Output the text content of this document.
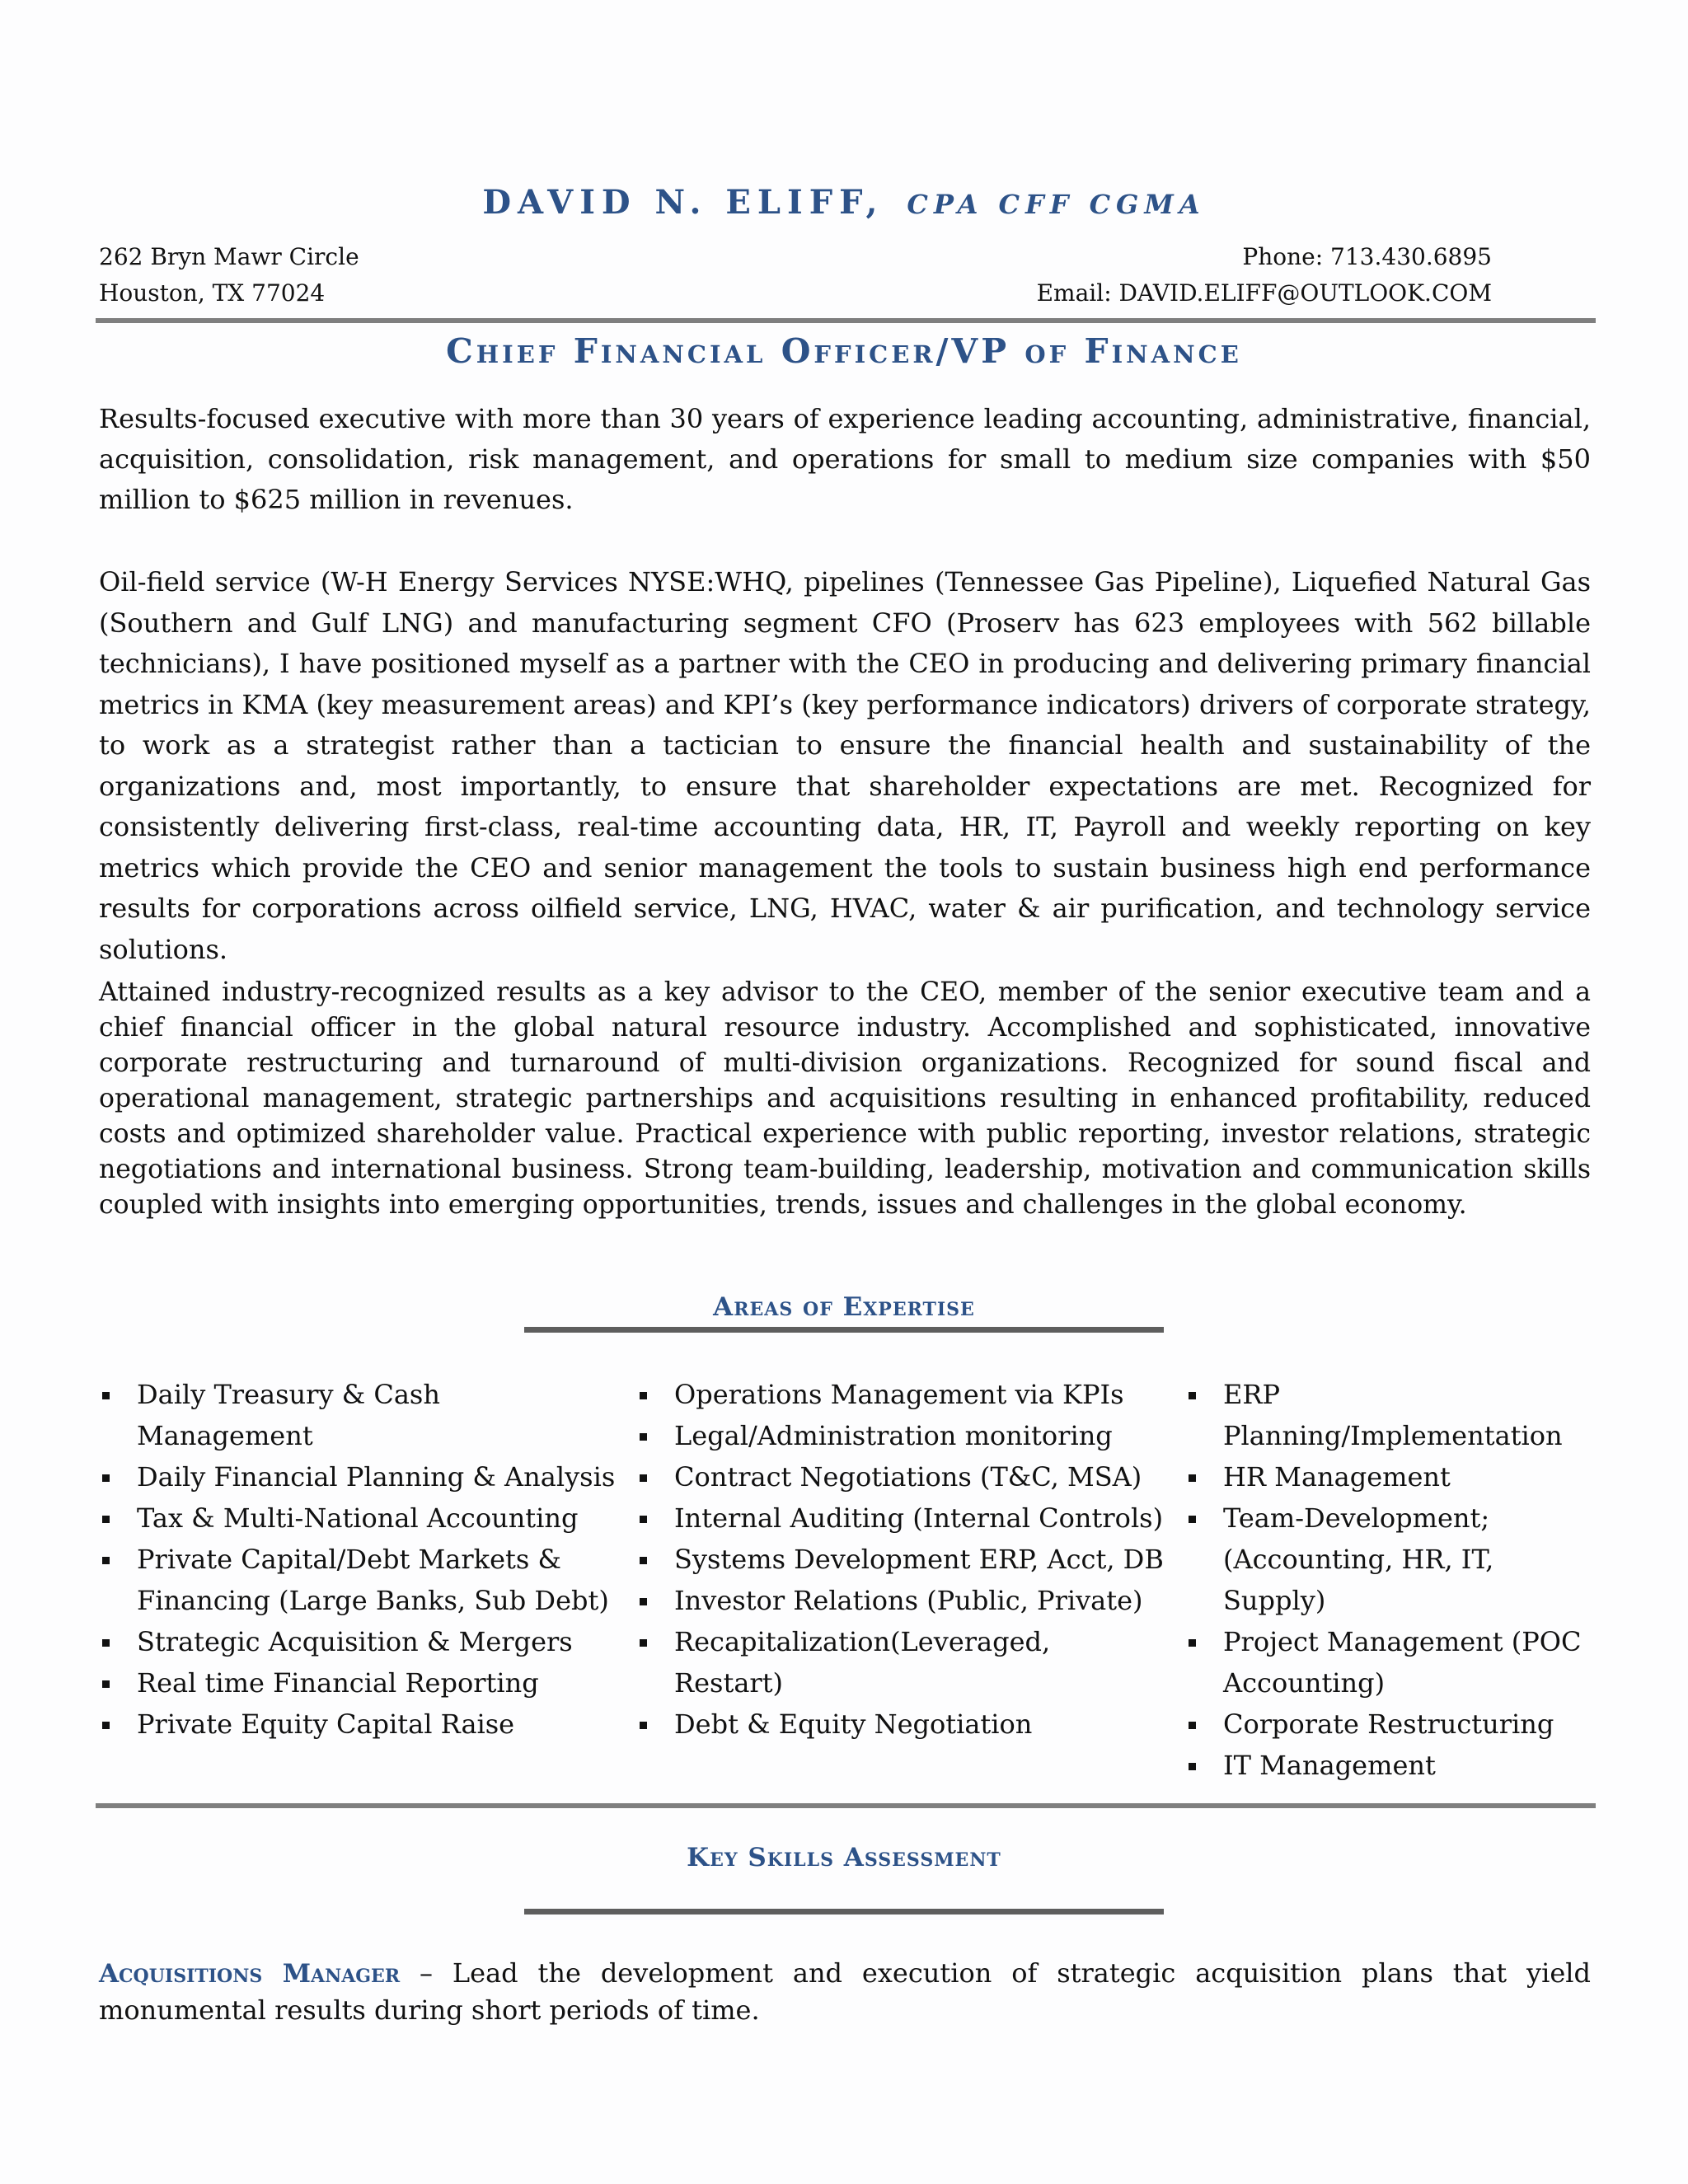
DAVID N. ELIFF, CPA CFF CGMA
262 Bryn Mawr Circle
Houston, TX 77024
Phone: 713.430.6895
Email: DAVID.ELIFF@OUTLOOK.COM
Chief Financial Officer/VP of Finance
Results-focused executive with more than 30 years of experience leading accounting, administrative, financial, acquisition, consolidation, risk management, and operations for small to medium size companies with $50 million to $625 million in revenues.
Oil-field service (W-H Energy Services NYSE:WHQ, pipelines (Tennessee Gas Pipeline), Liquefied Natural Gas (Southern and Gulf LNG) and manufacturing segment CFO (Proserv has 623 employees with 562 billable technicians), I have positioned myself as a partner with the CEO in producing and delivering primary financial metrics in KMA (key measurement areas) and KPI’s (key performance indicators) drivers of corporate strategy, to work as a strategist rather than a tactician to ensure the financial health and sustainability of the organizations and, most importantly, to ensure that shareholder expectations are met. Recognized for consistently delivering first-class, real-time accounting data, HR, IT, Payroll and weekly reporting on key metrics which provide the CEO and senior management the tools to sustain business high end performance results for corporations across oilfield service, LNG, HVAC, water & air purification, and technology service solutions.
Attained industry-recognized results as a key advisor to the CEO, member of the senior executive team and a chief financial officer in the global natural resource industry. Accomplished and sophisticated, innovative corporate restructuring and turnaround of multi-division organizations. Recognized for sound fiscal and operational management, strategic partnerships and acquisitions resulting in enhanced profitability, reduced costs and optimized shareholder value. Practical experience with public reporting, investor relations, strategic negotiations and international business. Strong team-building, leadership, motivation and communication skills coupled with insights into emerging opportunities, trends, issues and challenges in the global economy.
Areas of Expertise
Daily Treasury & Cash Management
Daily Financial Planning & Analysis
Tax & Multi-National Accounting
Private Capital/Debt Markets & Financing (Large Banks, Sub Debt)
Strategic Acquisition & Mergers
Real time Financial Reporting
Private Equity Capital Raise
Operations Management via KPIs
Legal/Administration monitoring
Contract Negotiations (T&C, MSA)
Internal Auditing (Internal Controls)
Systems Development ERP, Acct, DB
Investor Relations (Public, Private)
Recapitalization(Leveraged, Restart)
Debt & Equity Negotiation
ERP Planning/Implementation
HR Management
Team-Development; (Accounting, HR, IT, Supply)
Project Management (POC Accounting)
Corporate Restructuring
IT Management
Key Skills Assessment
Acquisitions Manager – Lead the development and execution of strategic acquisition plans that yield monumental results during short periods of time.
